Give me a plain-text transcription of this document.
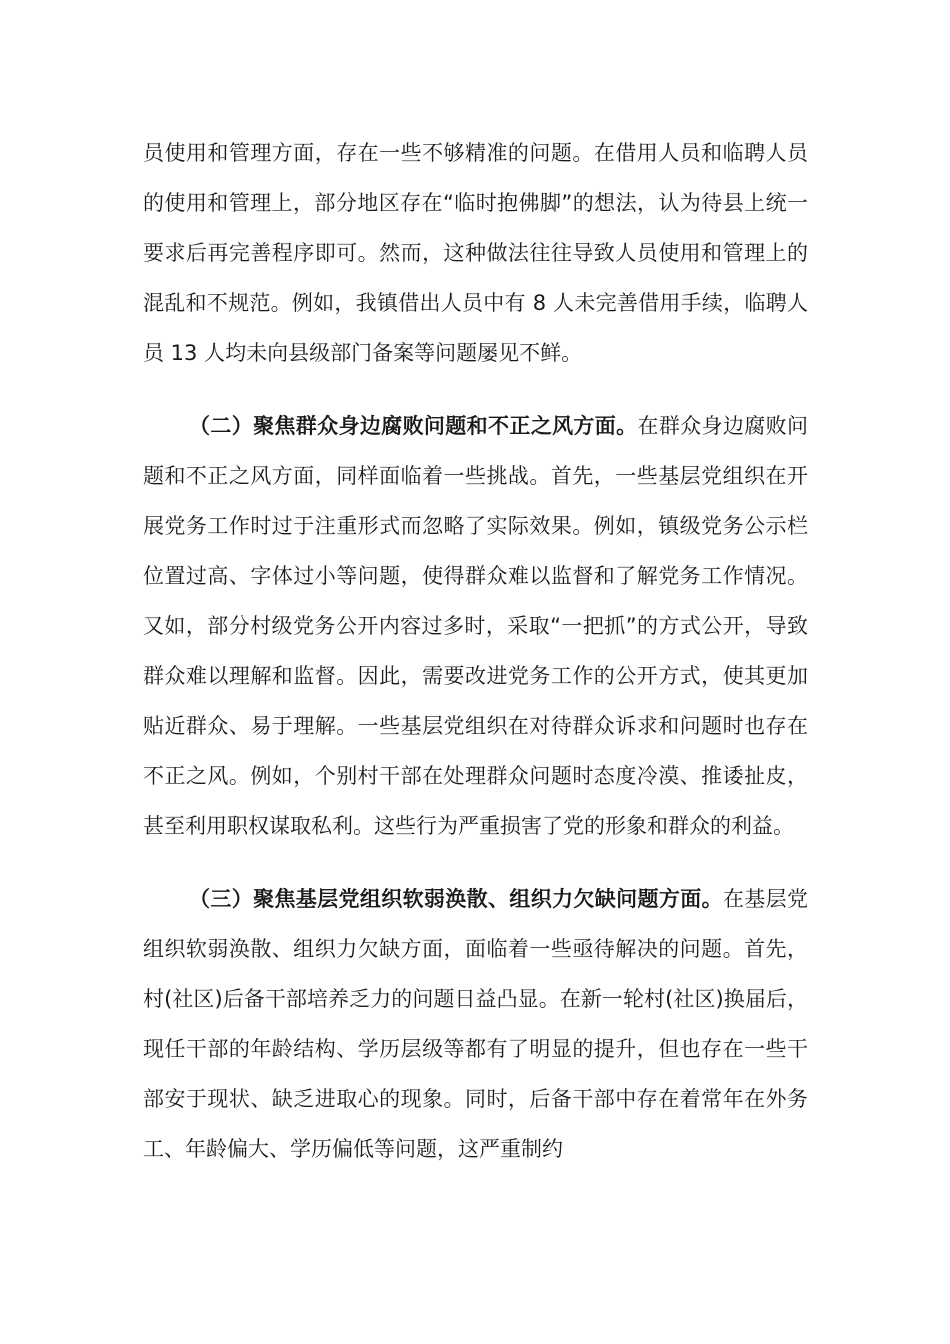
员使用和管理方面，存在一些不够精准的问题。在借用人员和临聘人员的使用和管理上，部分地区存在“临时抱佛脚”的想法，认为待县上统一要求后再完善程序即可。然而，这种做法往往导致人员使用和管理上的混乱和不规范。例如，我镇借出人员中有 8 人未完善借用手续，临聘人员 13 人均未向县级部门备案等问题屡见不鲜。

（二）聚焦群众身边腐败问题和不正之风方面。在群众身边腐败问题和不正之风方面，同样面临着一些挑战。首先，一些基层党组织在开展党务工作时过于注重形式而忽略了实际效果。例如，镇级党务公示栏位置过高、字体过小等问题，使得群众难以监督和了解党务工作情况。又如，部分村级党务公开内容过多时，采取“一把抓”的方式公开，导致群众难以理解和监督。因此，需要改进党务工作的公开方式，使其更加贴近群众、易于理解。一些基层党组织在对待群众诉求和问题时也存在不正之风。例如，个别村干部在处理群众问题时态度冷漠、推诿扯皮，甚至利用职权谋取私利。这些行为严重损害了党的形象和群众的利益。

（三）聚焦基层党组织软弱涣散、组织力欠缺问题方面。在基层党组织软弱涣散、组织力欠缺方面，面临着一些亟待解决的问题。首先，村(社区)后备干部培养乏力的问题日益凸显。在新一轮村(社区)换届后，现任干部的年龄结构、学历层级等都有了明显的提升，但也存在一些干部安于现状、缺乏进取心的现象。同时，后备干部中存在着常年在外务工、年龄偏大、学历偏低等问题，这严重制约
